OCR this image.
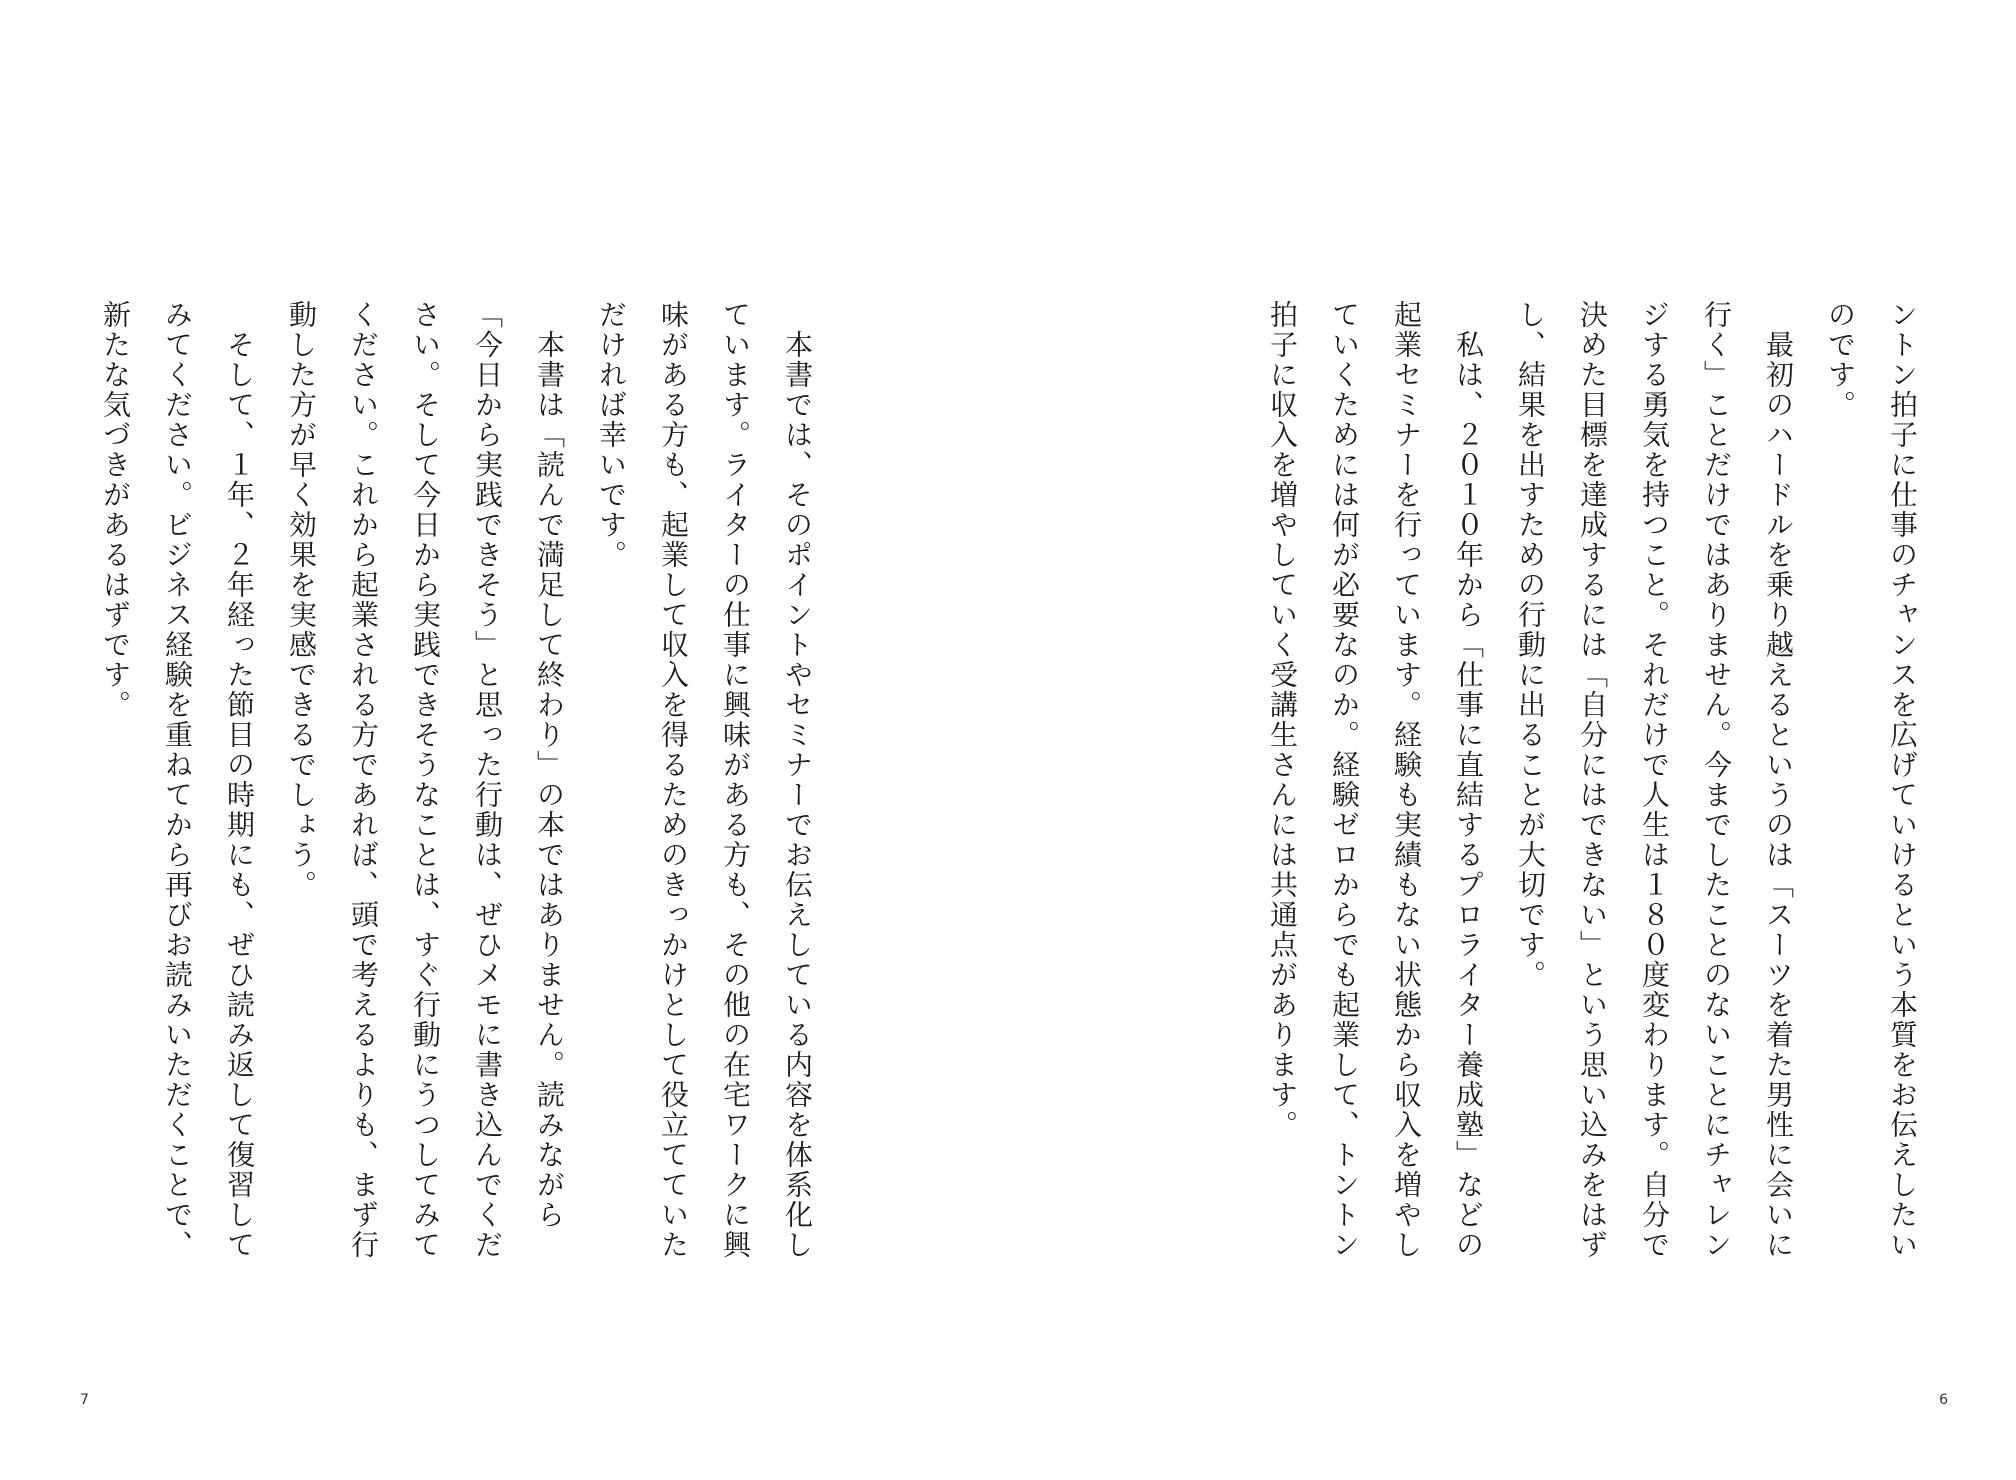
　本書では、そのポイントやセミナーでお伝えしている内容を体系化しています。ライターの仕事に興味がある方も、その他の在宅ワークに興味がある方も、起業して収入を得るためのきっかけとして役立てていただければ幸いです。

　本書は「読んで満足して終わり」の本ではありません。読みながら「今日から実践できそう」と思った行動は、ぜひメモに書き込んでください。そして今日から実践できそうなことは、すぐ行動にうつしてみてください。これから起業される方であれば、頭で考えるよりも、まず行動した方が早く効果を実感できるでしょう。

　そして、１年、２年経った節目の時期にも、ぜひ読み返して復習してみてください。ビジネス経験を重ねてから再びお読みいただくことで、新たな気づきがあるはずです。

7

ントン拍子に仕事のチャンスを広げていけるという本質をお伝えしたいのです。

　最初のハードルを乗り越えるというのは「スーツを着た男性に会いに行く」ことだけではありません。今までしたことのないことにチャレンジする勇気を持つこと。それだけで人生は１８０度変わります。自分で決めた目標を達成するには「自分にはできない」という思い込みをはずし、結果を出すための行動に出ることが大切です。

　私は、２０１０年から「仕事に直結するプロライター養成塾」などの起業セミナーを行っています。経験も実績もない状態から収入を増やしていくためには何が必要なのか。経験ゼロからでも起業して、トントン拍子に収入を増やしていく受講生さんには共通点があります。

6
